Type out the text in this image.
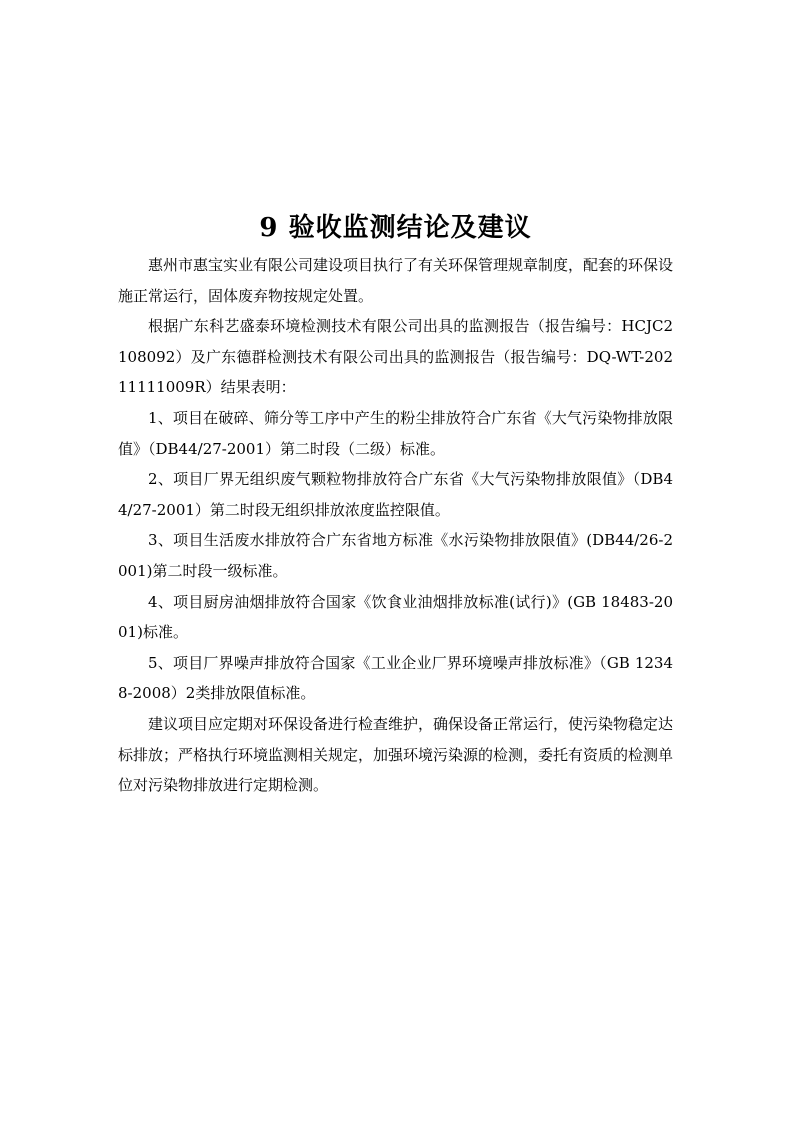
9 验收监测结论及建议

惠州市惠宝实业有限公司建设项目执行了有关环保管理规章制度，配套的环保设施正常运行，固体废弃物按规定处置。

根据广东科艺盛泰环境检测技术有限公司出具的监测报告（报告编号：HCJC2108092）及广东德群检测技术有限公司出具的监测报告（报告编号：DQ-WT-20211111009R）结果表明：

1、项目在破碎、筛分等工序中产生的粉尘排放符合广东省《大气污染物排放限值》（DB44/27-2001）第二时段（二级）标准。

2、项目厂界无组织废气颗粒物排放符合广东省《大气污染物排放限值》（DB44/27-2001）第二时段无组织排放浓度监控限值。

3、项目生活废水排放符合广东省地方标准《水污染物排放限值》(DB44/26-2001)第二时段一级标准。

4、项目厨房油烟排放符合国家《饮食业油烟排放标准(试行)》(GB 18483-2001)标准。

5、项目厂界噪声排放符合国家《工业企业厂界环境噪声排放标准》（GB 12348-2008）2类排放限值标准。

建议项目应定期对环保设备进行检查维护，确保设备正常运行，使污染物稳定达标排放；严格执行环境监测相关规定，加强环境污染源的检测，委托有资质的检测单位对污染物排放进行定期检测。
